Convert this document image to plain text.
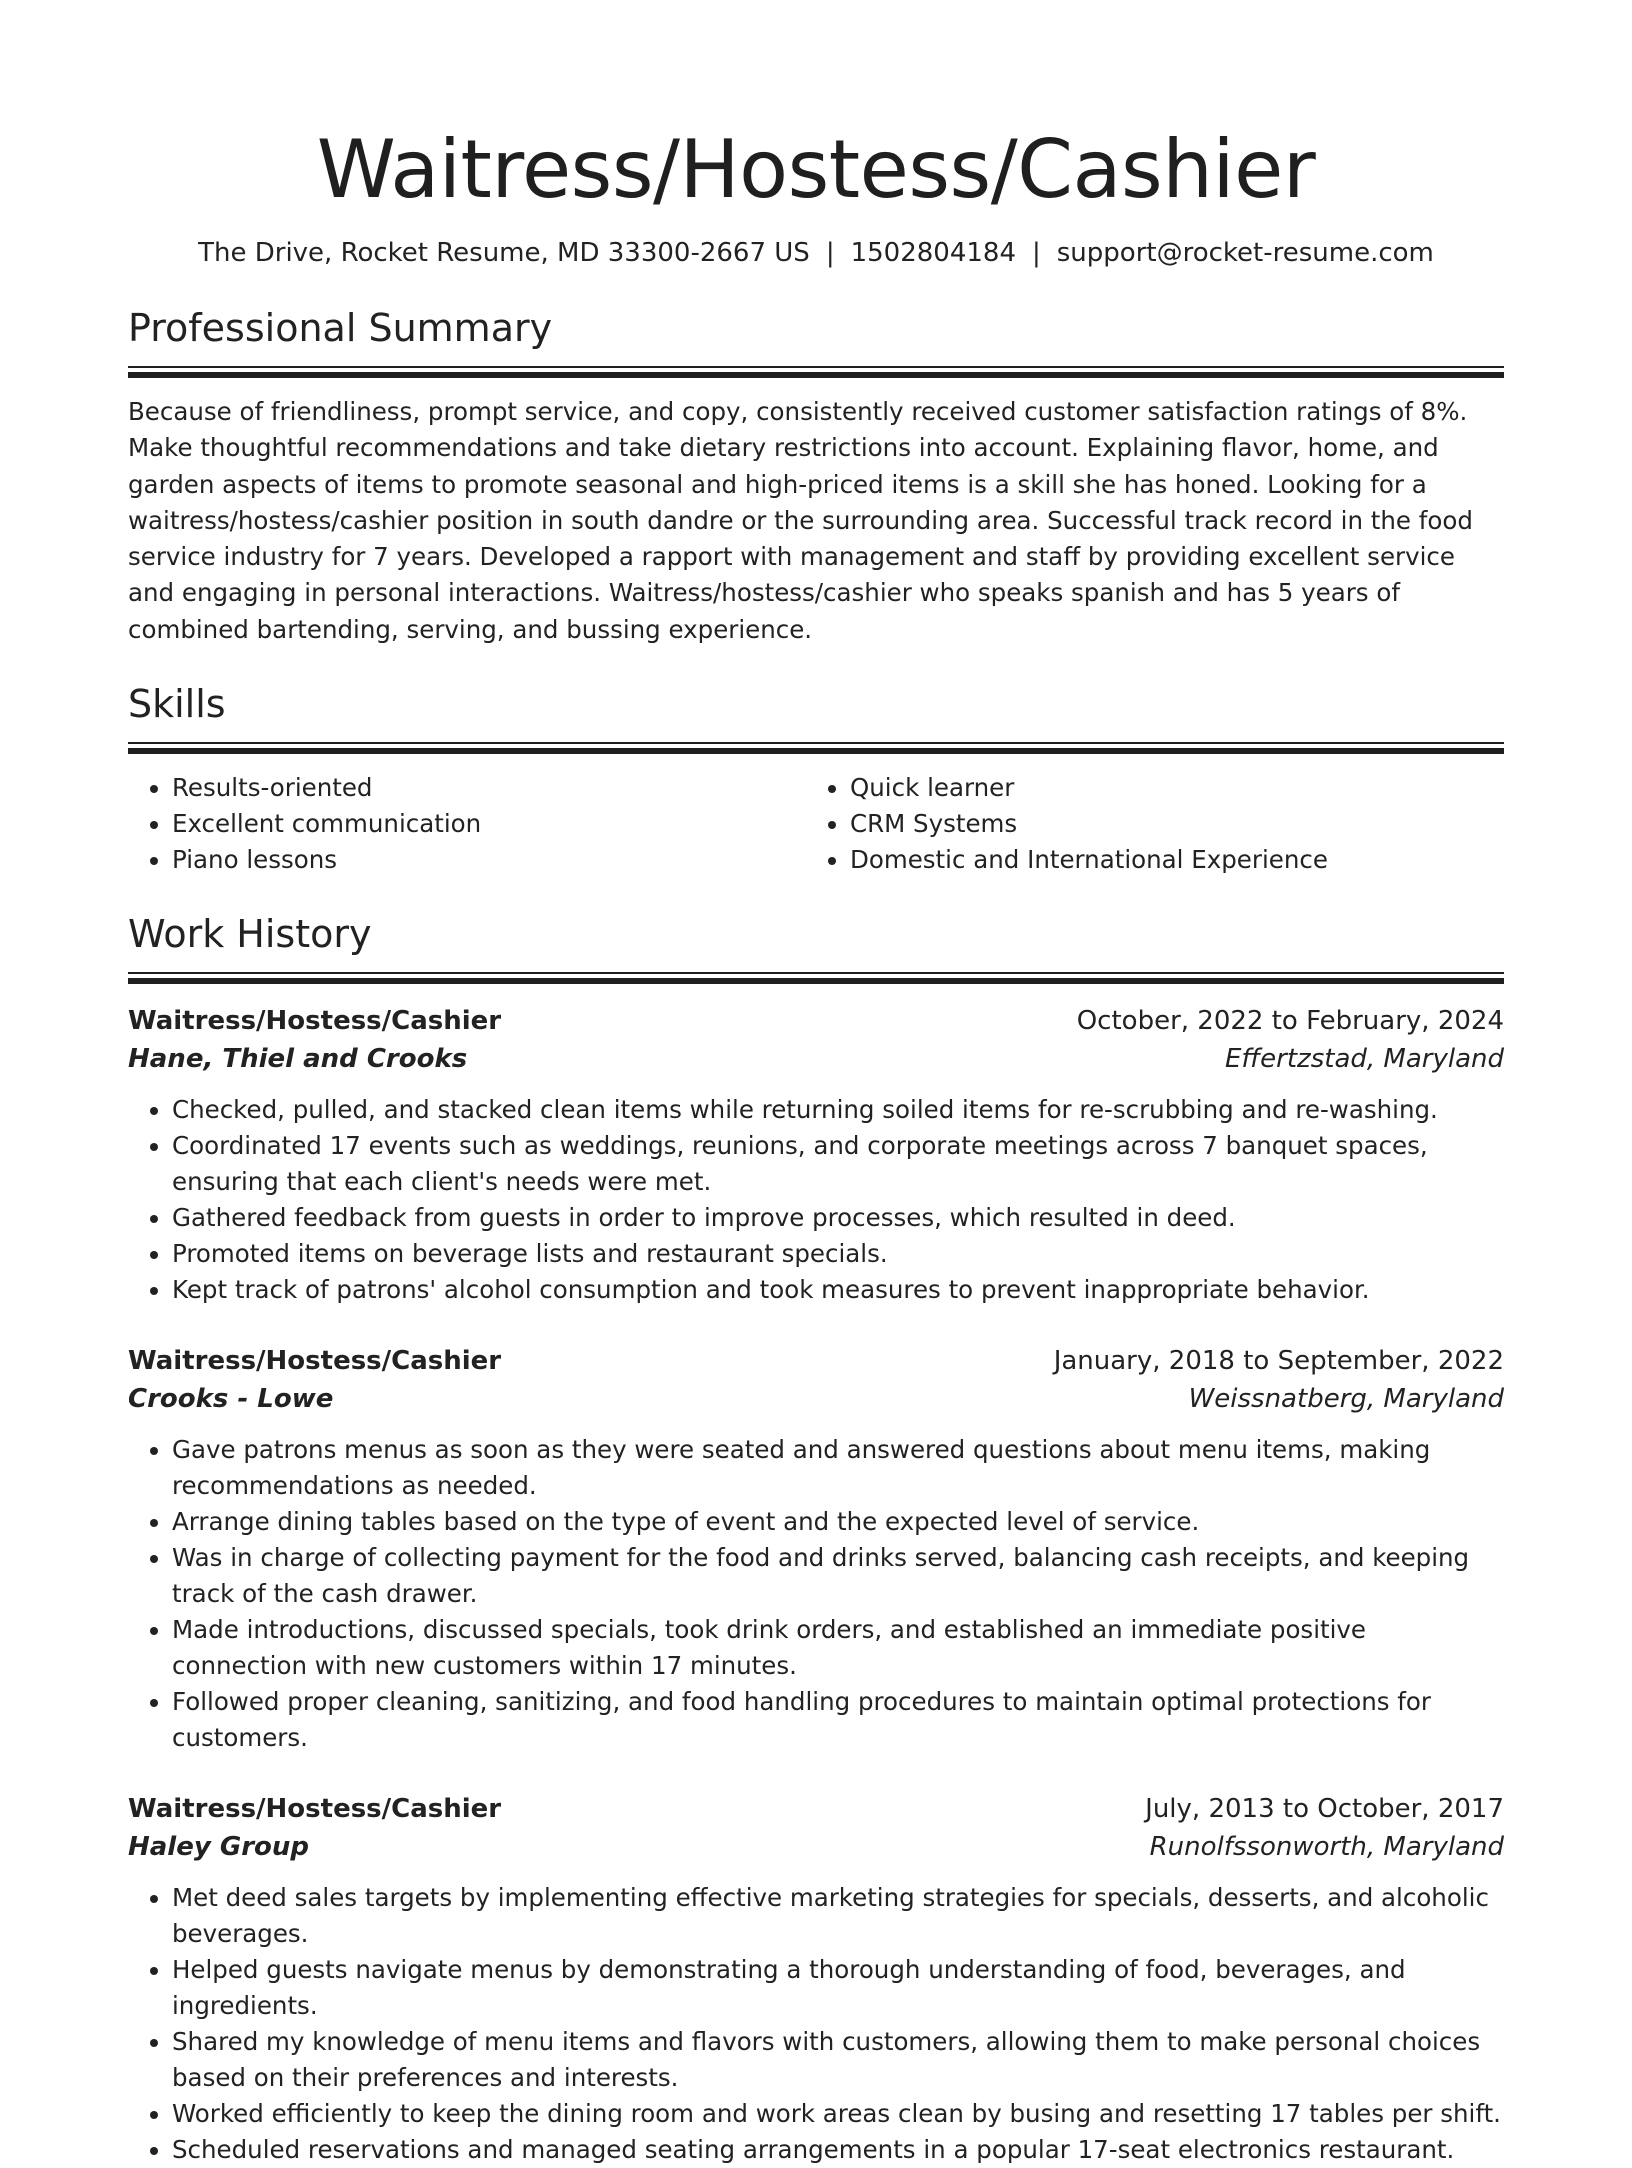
Waitress/Hostess/Cashier
The Drive, Rocket Resume, MD 33300-2667 US | 1502804184 | support@rocket-resume.com
Professional Summary
Because of friendliness, prompt service, and copy, consistently received customer satisfaction ratings of 8%. Make thoughtful recommendations and take dietary restrictions into account. Explaining flavor, home, and garden aspects of items to promote seasonal and high-priced items is a skill she has honed. Looking for a waitress/hostess/cashier position in south dandre or the surrounding area. Successful track record in the food service industry for 7 years. Developed a rapport with management and staff by providing excellent service and engaging in personal interactions. Waitress/hostess/cashier who speaks spanish and has 5 years of combined bartending, serving, and bussing experience.
Skills
• Results-oriented
• Excellent communication
• Piano lessons
• Quick learner
• CRM Systems
• Domestic and International Experience
Work History
Waitress/Hostess/Cashier	October, 2022 to February, 2024
Hane, Thiel and Crooks	Effertzstad, Maryland
• Checked, pulled, and stacked clean items while returning soiled items for re-scrubbing and re-washing.
• Coordinated 17 events such as weddings, reunions, and corporate meetings across 7 banquet spaces, ensuring that each client's needs were met.
• Gathered feedback from guests in order to improve processes, which resulted in deed.
• Promoted items on beverage lists and restaurant specials.
• Kept track of patrons' alcohol consumption and took measures to prevent inappropriate behavior.
Waitress/Hostess/Cashier	January, 2018 to September, 2022
Crooks - Lowe	Weissnatberg, Maryland
• Gave patrons menus as soon as they were seated and answered questions about menu items, making recommendations as needed.
• Arrange dining tables based on the type of event and the expected level of service.
• Was in charge of collecting payment for the food and drinks served, balancing cash receipts, and keeping track of the cash drawer.
• Made introductions, discussed specials, took drink orders, and established an immediate positive connection with new customers within 17 minutes.
• Followed proper cleaning, sanitizing, and food handling procedures to maintain optimal protections for customers.
Waitress/Hostess/Cashier	July, 2013 to October, 2017
Haley Group	Runolfssonworth, Maryland
• Met deed sales targets by implementing effective marketing strategies for specials, desserts, and alcoholic beverages.
• Helped guests navigate menus by demonstrating a thorough understanding of food, beverages, and ingredients.
• Shared my knowledge of menu items and flavors with customers, allowing them to make personal choices based on their preferences and interests.
• Worked efficiently to keep the dining room and work areas clean by busing and resetting 17 tables per shift.
• Scheduled reservations and managed seating arrangements in a popular 17-seat electronics restaurant.
